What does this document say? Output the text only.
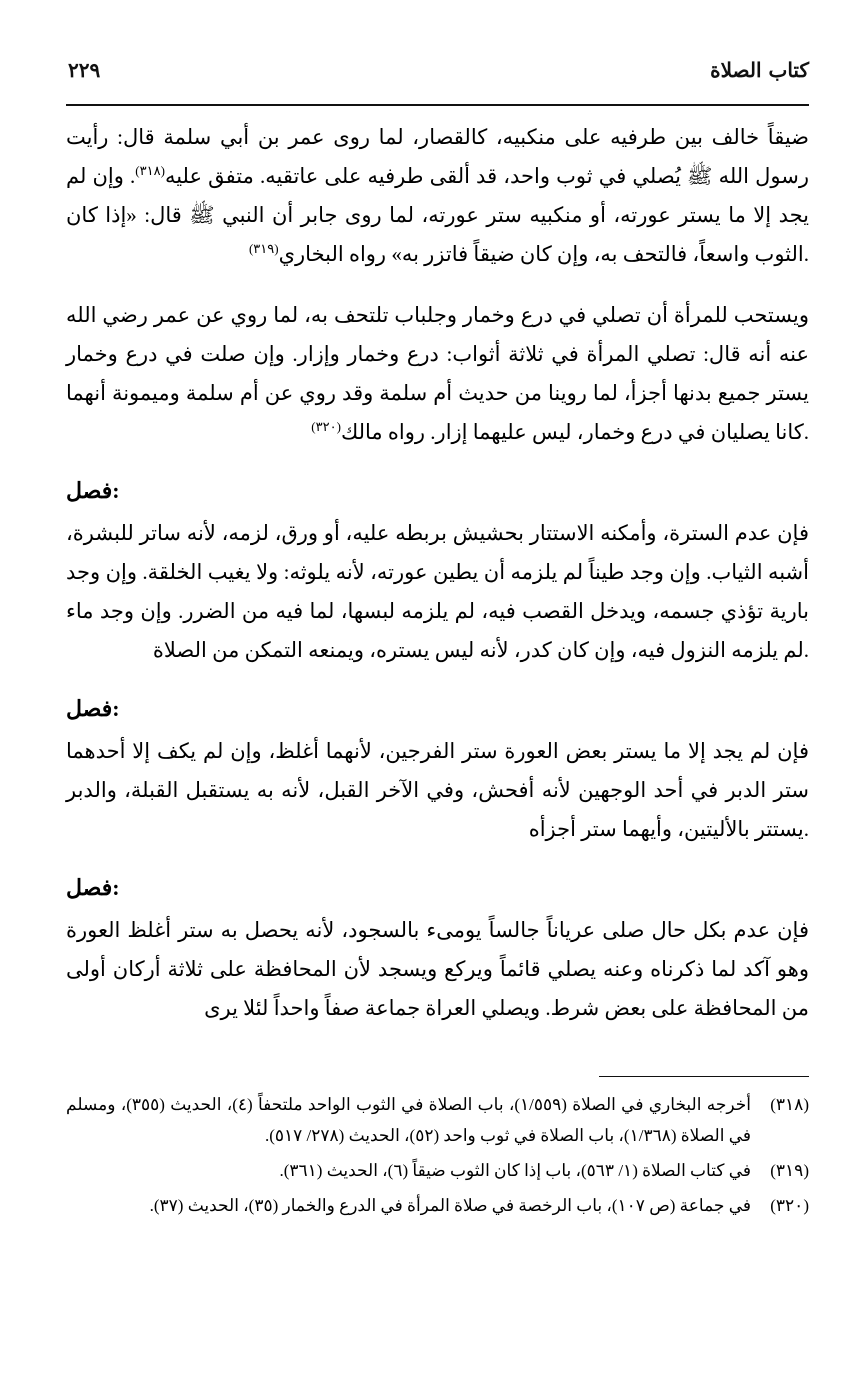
كتاب الصلاة
٢٢٩

ضيقاً خالف بين طرفيه على منكبيه، كالقصار، لما روى عمر بن أبي سلمة قال: رأيت رسول الله ﷺ يُصلي في ثوب واحد، قد ألقى طرفيه على عاتقيه. متفق عليه$^{(٣١٨)}$. وإن لم يجد إلا ما يستر عورته، أو منكبيه ستر عورته، لما روى جابر أن النبي ﷺ قال: «إذا كان الثوب واسعاً، فالتحف به، وإن كان ضيقاً فاتزر به» رواه البخاري$^{(٣١٩)}$	.

ويستحب للمرأة أن تصلي في درع وخمار وجلباب تلتحف به، لما روي عن عمر رضي الله عنه أنه قال: تصلي المرأة في ثلاثة أثواب: درع وخمار وإزار. وإن صلت في درع وخمار يستر جميع بدنها أجزأ، لما روينا من حديث أم سلمة وقد روي عن أم سلمة وميمونة أنهما كانا يصليان في درع وخمار، ليس عليهما إزار. رواه مالك$^{(٣٢٠)}$	.

فصل:

فإن عدم السترة، وأمكنه الاستتار بحشيش بربطه عليه، أو ورق، لزمه، لأنه ساتر للبشرة، أشبه الثياب. وإن وجد طيناً لم يلزمه أن يطين عورته، لأنه يلوثه: ولا يغيب الخلقة. وإن وجد بارية تؤذي جسمه، ويدخل القصب فيه، لم يلزمه لبسها، لما فيه من الضرر. وإن وجد ماء لم يلزمه النزول فيه، وإن كان كدر، لأنه ليس يستره، ويمنعه التمكن من الصلاة.

فصل:

فإن لم يجد إلا ما يستر بعض العورة ستر الفرجين، لأنهما أغلظ، وإن لم يكف إلا أحدهما ستر الدبر في أحد الوجهين لأنه أفحش، وفي الآخر القبل، لأنه به يستقبل القبلة، والدبر يستتر بالأليتين، وأيهما ستر أجزأه.

فصل:

فإن عدم بكل حال صلى عرياناً جالساً يومىء بالسجود، لأنه يحصل به ستر أغلظ العورة وهو آكد لما ذكرناه وعنه يصلي قائماً ويركع ويسجد لأن المحافظة على ثلاثة أركان أولى من المحافظة على بعض شرط. ويصلي العراة جماعة صفاً واحداً لئلا يرى

(٣١٨)
أخرجه البخاري في الصلاة (١/٥٥٩)، باب الصلاة في الثوب الواحد ملتحفاً (٤)، الحديث (٣٥٥)، ومسلم في الصلاة (١/٣٦٨)، باب الصلاة في ثوب واحد (٥٢)، الحديث (٢٧٨/ ٥١٧).
(٣١٩)
في كتاب الصلاة (١/ ٥٦٣)، باب إذا كان الثوب ضيقاً (٦)، الحديث (٣٦١).
(٣٢٠)
في جماعة (ص ١٠٧)، باب الرخصة في صلاة المرأة في الدرع والخمار (٣٥)، الحديث (٣٧).
